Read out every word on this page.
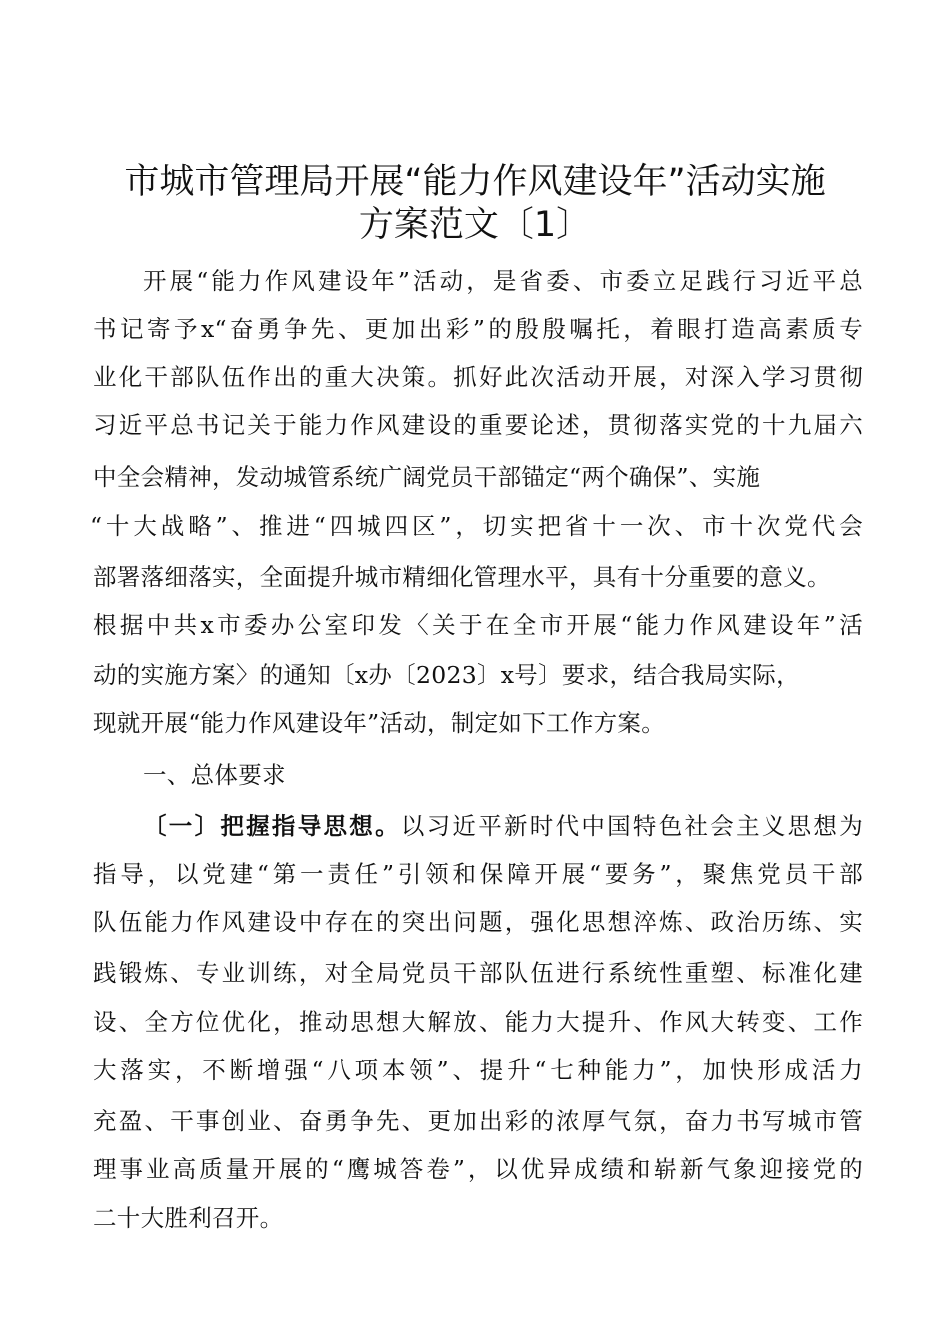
市城市管理局开展“能力作风建设年”活动实施
方案范文〔1〕
开展“能力作风建设年”活动，是省委、市委立足践行习近平总
书记寄予x“奋勇争先、更加出彩”的殷殷嘱托，着眼打造高素质专
业化干部队伍作出的重大决策。抓好此次活动开展，对深入学习贯彻
习近平总书记关于能力作风建设的重要论述，贯彻落实党的十九届六
中全会精神，发动城管系统广阔党员干部锚定“两个确保”、实施
“十大战略”、推进“四城四区”，切实把省十一次、市十次党代会
部署落细落实，全面提升城市精细化管理水平，具有十分重要的意义。
根据中共x市委办公室印发〈关于在全市开展“能力作风建设年”活
动的实施方案〉的通知〔x办〔2023〕x号〕要求，结合我局实际，
现就开展“能力作风建设年”活动，制定如下工作方案。
一、总体要求
〔一〕把握指导思想。以习近平新时代中国特色社会主义思想为
指导，以党建“第一责任”引领和保障开展“要务”，聚焦党员干部
队伍能力作风建设中存在的突出问题，强化思想淬炼、政治历练、实
践锻炼、专业训练，对全局党员干部队伍进行系统性重塑、标准化建
设、全方位优化，推动思想大解放、能力大提升、作风大转变、工作
大落实，不断增强“八项本领”、提升“七种能力”，加快形成活力
充盈、干事创业、奋勇争先、更加出彩的浓厚气氛，奋力书写城市管
理事业高质量开展的“鹰城答卷”，以优异成绩和崭新气象迎接党的
二十大胜利召开。
